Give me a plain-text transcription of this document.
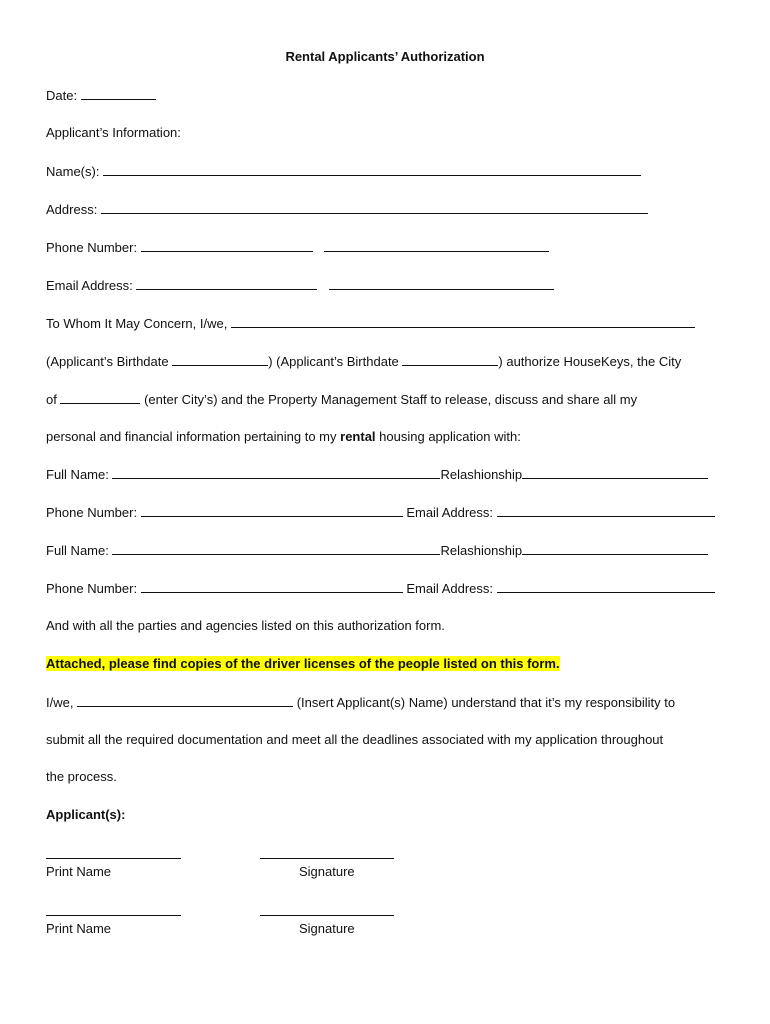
Rental Applicants’ Authorization
Date:
Applicant’s Information:
Name(s):
Address:
Phone Number:
Email Address:
To Whom It May Concern, I/we,
(Applicant’s Birthdate	) (Applicant’s Birthdate	) authorize HouseKeys, the City
of	(enter City’s) and the Property Management Staff to release, discuss and share all my
personal and financial information pertaining to my rental housing application with:
Full Name:	Relashionship
Phone Number:	Email Address:
Full Name:	Relashionship
Phone Number:	Email Address:
And with all the parties and agencies listed on this authorization form.
Attached, please find copies of the driver licenses of the people listed on this form.
I/we,	(Insert Applicant(s) Name) understand that it’s my responsibility to
submit all the required documentation and meet all the deadlines associated with my application throughout
the process.
Applicant(s):
Print Name	Signature
Print Name	Signature
